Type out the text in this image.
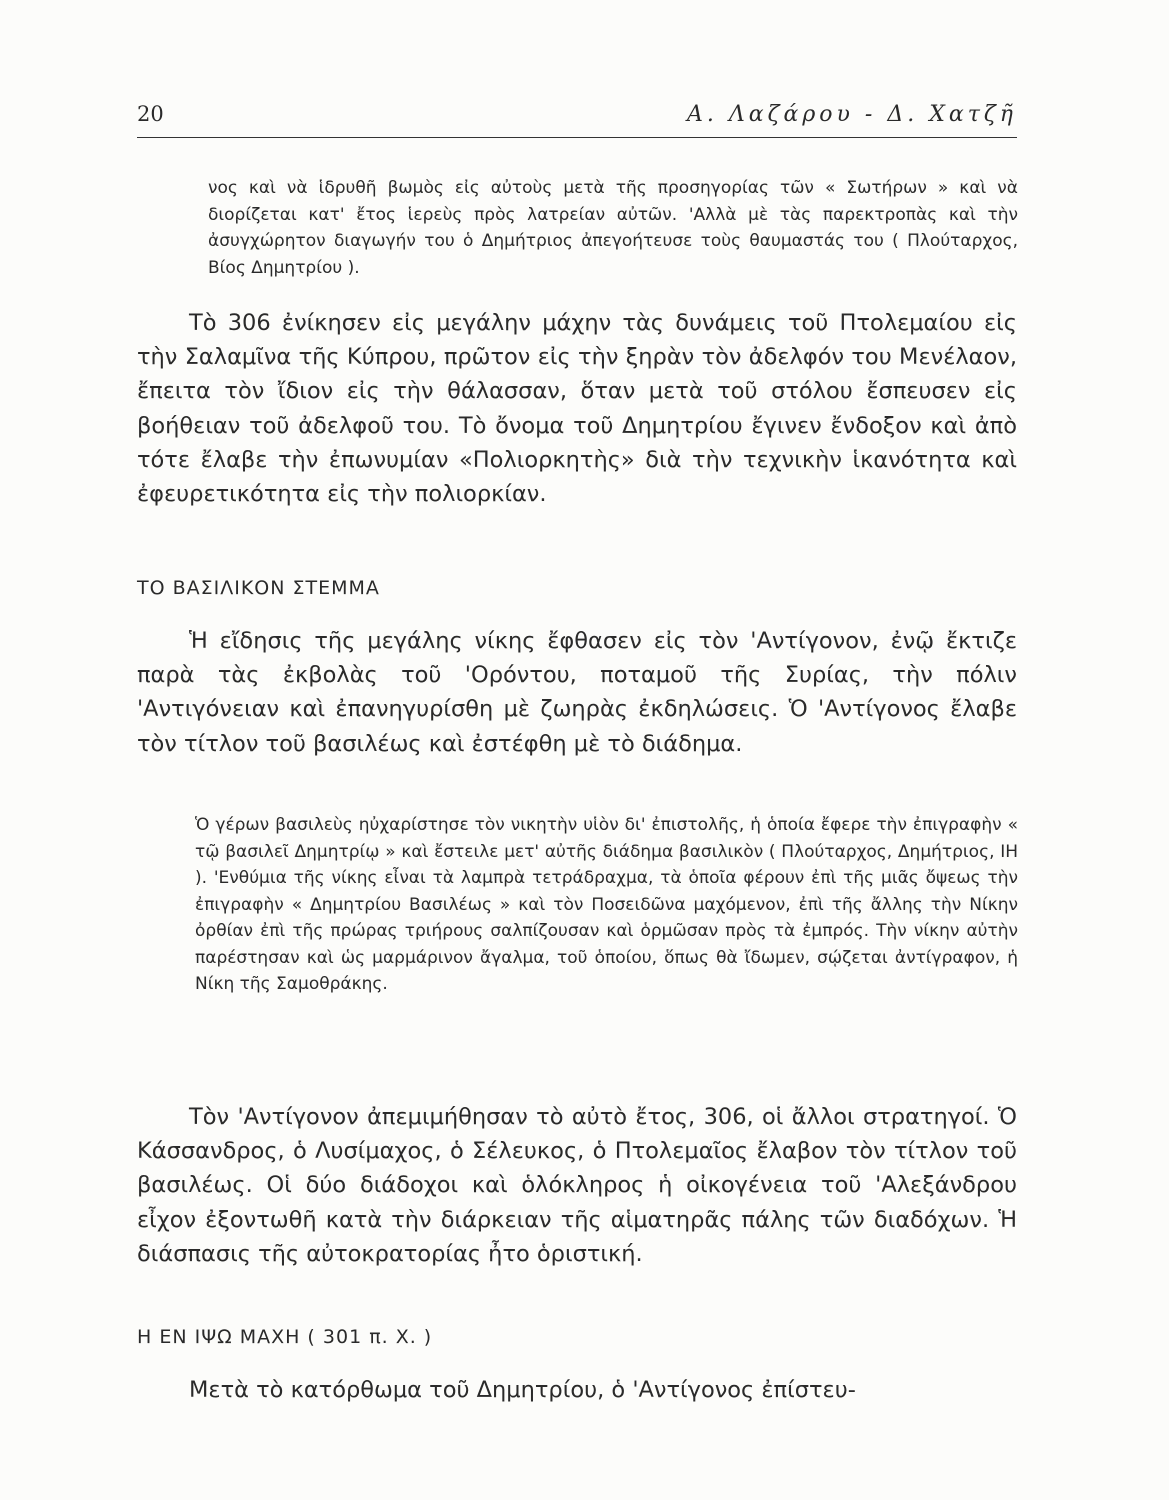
20	Α. Λαζάρου - Δ. Χατζῆ

νος καὶ νὰ ἱδρυθῆ βωμὸς εἰς αὐτοὺς μετὰ τῆς προσηγορίας τῶν « Σωτήρων » καὶ νὰ διορίζεται κατ' ἔτος ἱερεὺς πρὸς λατρείαν αὐτῶν. 'Αλλὰ μὲ τὰς παρεκτροπὰς καὶ τὴν ἀσυγχώρητον διαγωγήν του ὁ Δημήτριος ἀπεγοήτευσε τοὺς θαυμαστάς του ( Πλούταρχος, Βίος Δημητρίου ).

Τὸ 306 ἐνίκησεν εἰς μεγάλην μάχην τὰς δυνάμεις τοῦ Πτολεμαίου εἰς τὴν Σαλαμῖνα τῆς Κύπρου, πρῶτον εἰς τὴν ξηρὰν τὸν ἀδελφόν του Μενέλαον, ἔπειτα τὸν ἴδιον εἰς τὴν θάλασσαν, ὅταν μετὰ τοῦ στόλου ἔσπευσεν εἰς βοήθειαν τοῦ ἀδελφοῦ του. Τὸ ὄνομα τοῦ Δημητρίου ἔγινεν ἔνδοξον καὶ ἀπὸ τότε ἔλαβε τὴν ἐπωνυμίαν «Πολιορκητὴς» διὰ τὴν τεχνικὴν ἱκανότητα καὶ ἐφευρετικότητα εἰς τὴν πολιορκίαν.

ΤΟ ΒΑΣΙΛΙΚΟΝ ΣΤΕΜΜΑ

Ἡ εἴδησις τῆς μεγάλης νίκης ἔφθασεν εἰς τὸν 'Αντίγονον, ἐνῷ ἔκτιζε παρὰ τὰς ἐκβολὰς τοῦ 'Ορόντου, ποταμοῦ τῆς Συρίας, τὴν πόλιν 'Αντιγόνειαν καὶ ἐπανηγυρίσθη μὲ ζωηρὰς ἐκδηλώσεις. Ὁ 'Αντίγονος ἔλαβε τὸν τίτλον τοῦ βασιλέως καὶ ἐστέφθη μὲ τὸ διάδημα.

Ὁ γέρων βασιλεὺς ηὐχαρίστησε τὸν νικητὴν υἱὸν δι' ἐπιστολῆς, ἡ ὁποία ἔφερε τὴν ἐπιγραφὴν « τῷ βασιλεῖ Δημητρίῳ » καὶ ἔστειλε μετ' αὐτῆς διάδημα βασιλικὸν ( Πλούταρχος, Δημήτριος, ΙΗ ). 'Ενθύμια τῆς νίκης εἶναι τὰ λαμπρὰ τετράδραχμα, τὰ ὁποῖα φέρουν ἐπὶ τῆς μιᾶς ὄψεως τὴν ἐπιγραφὴν « Δημητρίου Βασιλέως » καὶ τὸν Ποσειδῶνα μαχόμενον, ἐπὶ τῆς ἄλλης τὴν Νίκην ὀρθίαν ἐπὶ τῆς πρώρας τριήρους σαλπίζουσαν καὶ ὁρμῶσαν πρὸς τὰ ἐμπρός. Τὴν νίκην αὐτὴν παρέστησαν καὶ ὡς μαρμάρινον ἄγαλμα, τοῦ ὁποίου, ὅπως θὰ ἴδωμεν, σῴζεται ἀντίγραφον, ἡ Νίκη τῆς Σαμοθράκης.

Τὸν 'Αντίγονον ἀπεμιμήθησαν τὸ αὐτὸ ἔτος, 306, οἱ ἄλλοι στρατηγοί. Ὁ Κάσσανδρος, ὁ Λυσίμαχος, ὁ Σέλευκος, ὁ Πτολεμαῖος ἔλαβον τὸν τίτλον τοῦ βασιλέως. Οἱ δύο διάδοχοι καὶ ὁλόκληρος ἡ οἰκογένεια τοῦ 'Αλεξάνδρου εἶχον ἐξοντωθῆ κατὰ τὴν διάρκειαν τῆς αἱματηρᾶς πάλης τῶν διαδόχων. Ἡ διάσπασις τῆς αὐτοκρατορίας ἦτο ὁριστική.

Η ΕΝ ΙΨΩ ΜΑΧΗ ( 301 π. Χ. )

Μετὰ τὸ κατόρθωμα τοῦ Δημητρίου, ὁ 'Αντίγονος ἐπίστευ-
